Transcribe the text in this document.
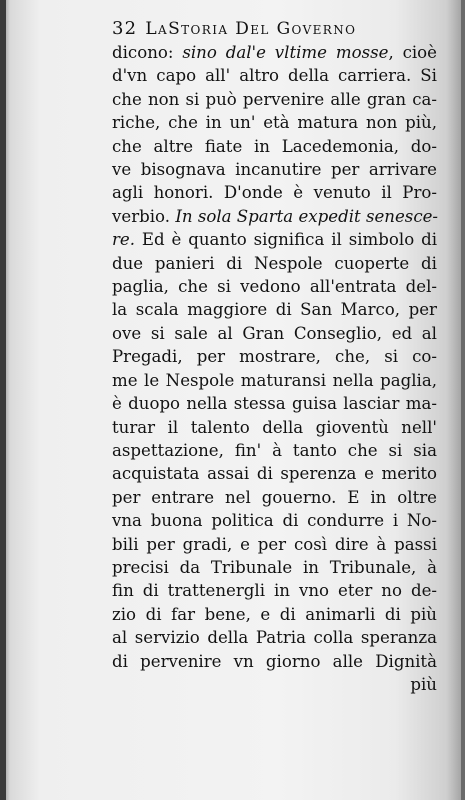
32 LaStoria Del Governo
dicono: sino dal'e vltime mosse, cioè
d'vn capo all' altro della carriera. Si
che non si può pervenire alle gran ca-
riche, che in un' età matura non più,
che altre fiate in Lacedemonia, do-
ve bisognava incanutire per arrivare
agli honori. D'onde è venuto il Pro-
verbio. In sola Sparta expedit senesce-
re. Ed è quanto significa il simbolo di
due panieri di Nespole cuoperte di
paglia, che si vedono all'entrata del-
la scala maggiore di San Marco, per
ove si sale al Gran Conseglio, ed al
Pregadi, per mostrare, che, si co-
me le Nespole maturansi nella paglia,
è duopo nella stessa guisa lasciar ma-
turar il talento della gioventù nell'
aspettazione, fin' à tanto che si sia
acquistata assai di sperenza e merito
per entrare nel gouerno. E in oltre
vna buona politica di condurre i No-
bili per gradi, e per così dire à passi
precisi da Tribunale in Tribunale, à
fin di trattenergli in vno eter no de-
zio di far bene, e di animarli di più
al servizio della Patria colla speranza
di pervenire vn giorno alle Dignità
più
